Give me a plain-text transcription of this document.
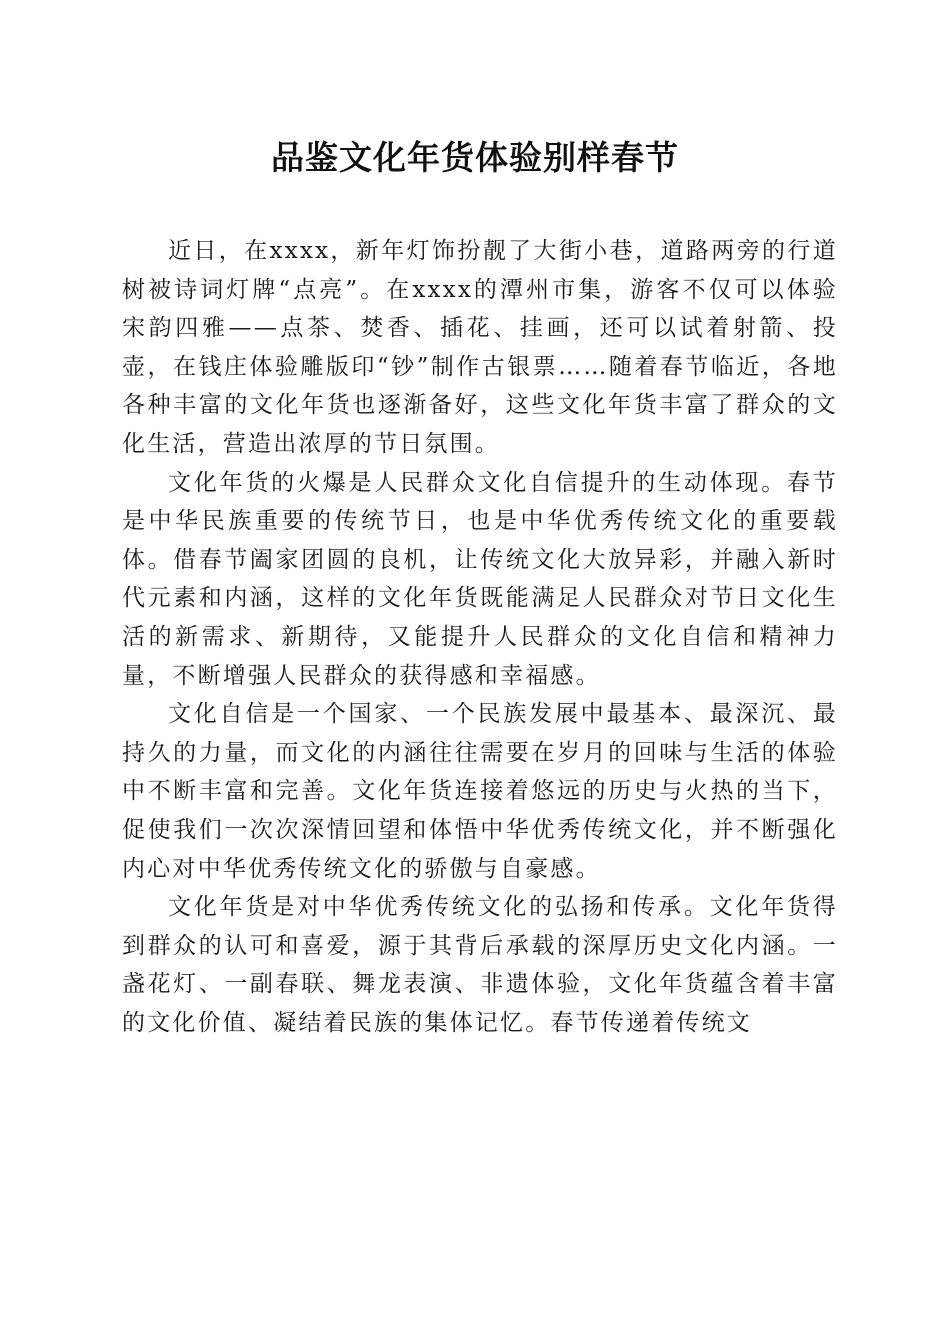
品鉴文化年货体验别样春节

近日，在xxxx，新年灯饰扮靓了大街小巷，道路两旁的行道树被诗词灯牌“点亮”。在xxxx的潭州市集，游客不仅可以体验宋韵四雅——点茶、焚香、插花、挂画，还可以试着射箭、投壶，在钱庄体验雕版印“钞”制作古银票……随着春节临近，各地各种丰富的文化年货也逐渐备好，这些文化年货丰富了群众的文化生活，营造出浓厚的节日氛围。

文化年货的火爆是人民群众文化自信提升的生动体现。春节是中华民族重要的传统节日，也是中华优秀传统文化的重要载体。借春节阖家团圆的良机，让传统文化大放异彩，并融入新时代元素和内涵，这样的文化年货既能满足人民群众对节日文化生活的新需求、新期待，又能提升人民群众的文化自信和精神力量，不断增强人民群众的获得感和幸福感。

文化自信是一个国家、一个民族发展中最基本、最深沉、最持久的力量，而文化的内涵往往需要在岁月的回味与生活的体验中不断丰富和完善。文化年货连接着悠远的历史与火热的当下，促使我们一次次深情回望和体悟中华优秀传统文化，并不断强化内心对中华优秀传统文化的骄傲与自豪感。

文化年货是对中华优秀传统文化的弘扬和传承。文化年货得到群众的认可和喜爱，源于其背后承载的深厚历史文化内涵。一盏花灯、一副春联、舞龙表演、非遗体验，文化年货蕴含着丰富的文化价值、凝结着民族的集体记忆。春节传递着传统文
